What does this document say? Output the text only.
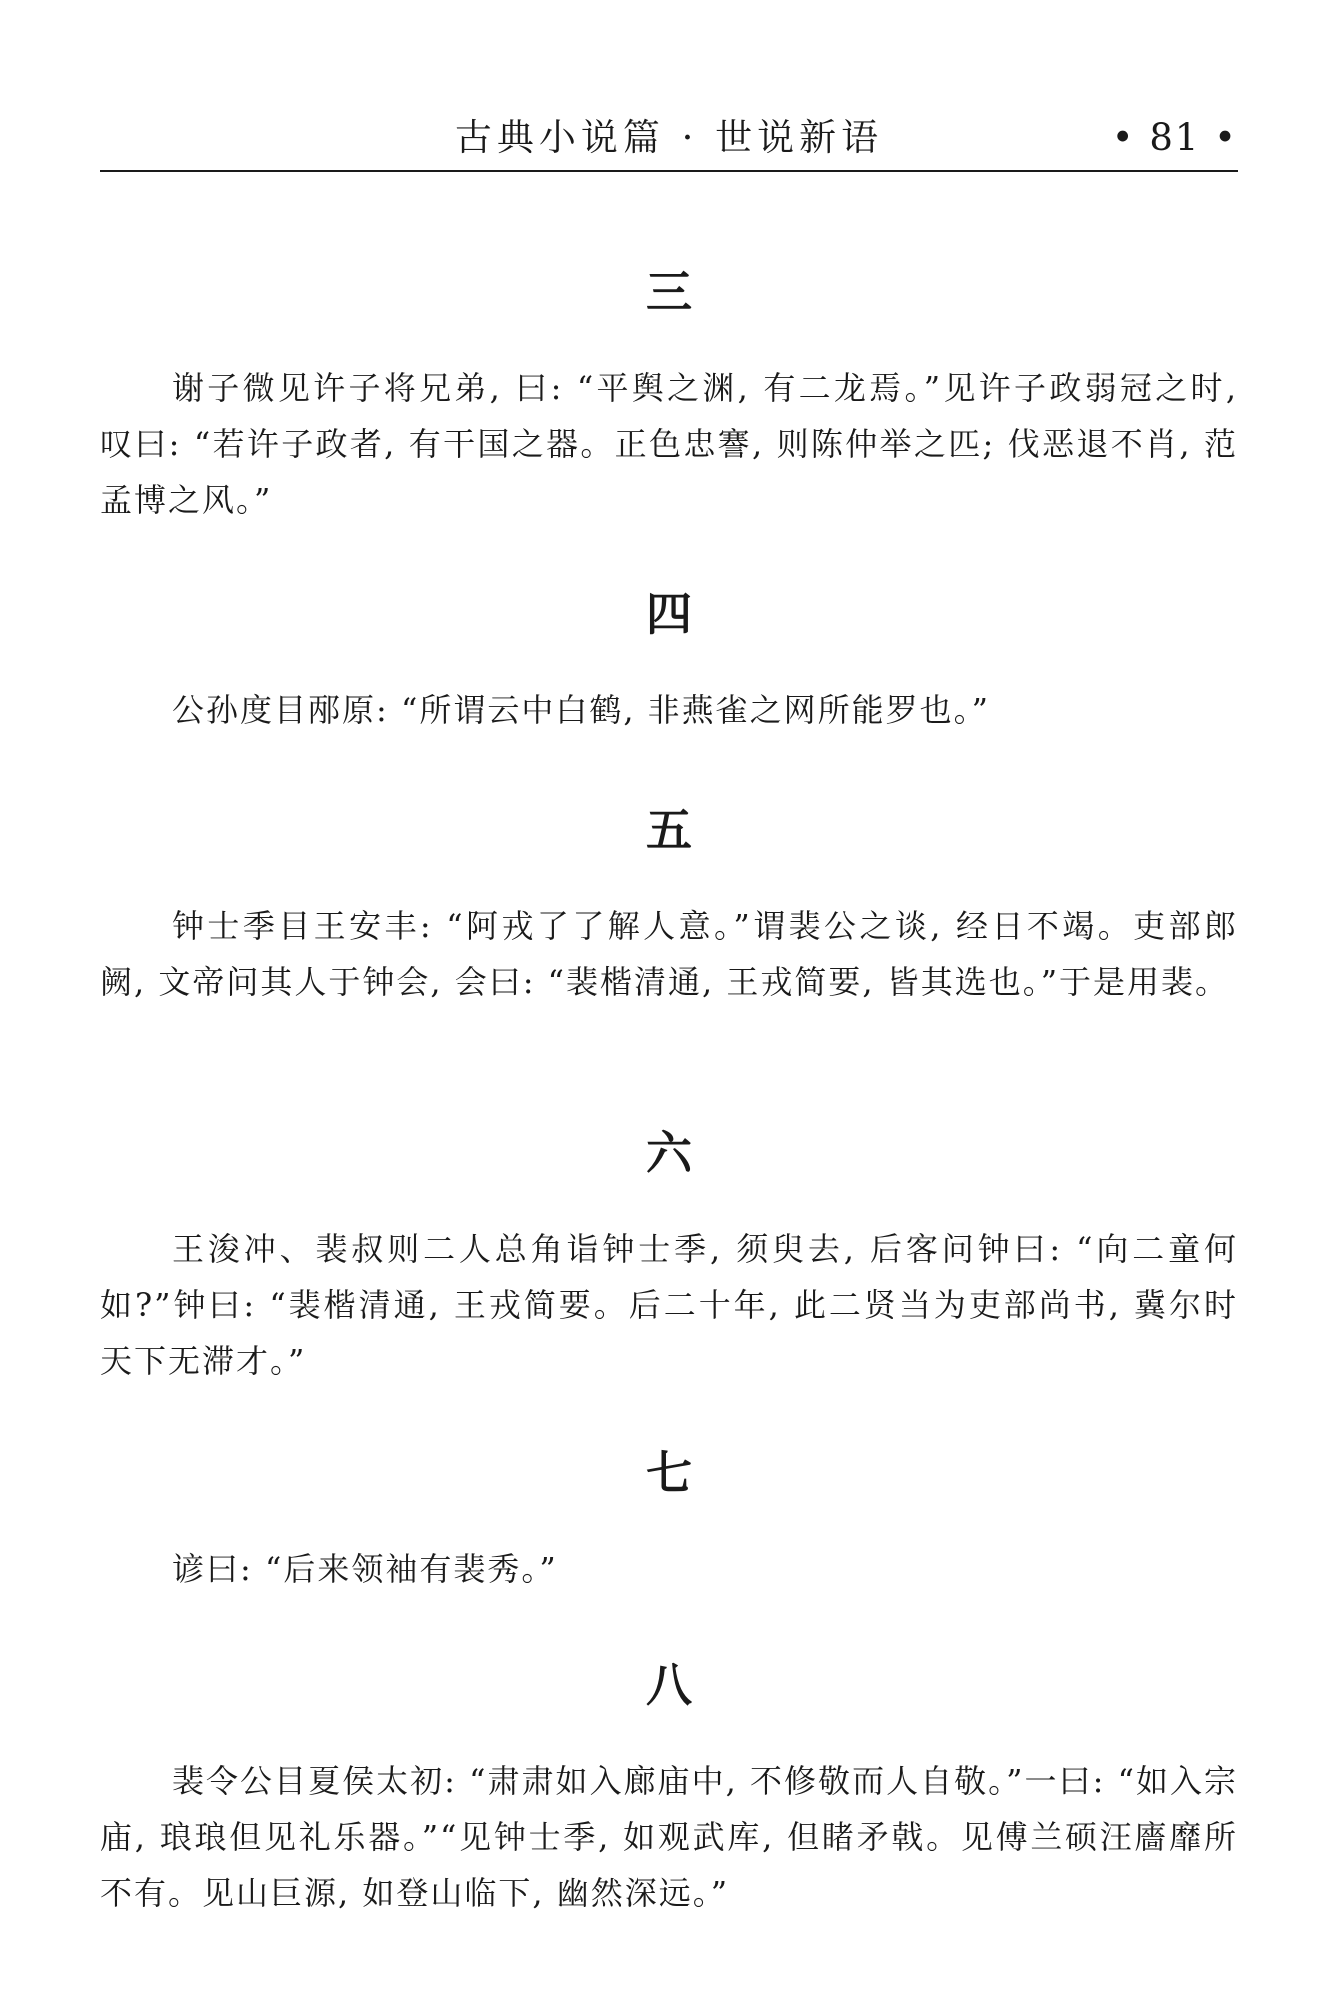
古典小说篇 · 世说新语	• 81 •
三

谢子微见许子将兄弟, 曰: “平舆之渊, 有二龙焉。”见许子政弱冠之时, 叹曰: “若许子政者, 有干国之器。正色忠謇, 则陈仲举之匹; 伐恶退不肖, 范孟博之风。”

四

公孙度目邴原: “所谓云中白鹤, 非燕雀之网所能罗也。”

五

钟士季目王安丰: “阿戎了了解人意。”谓裴公之谈, 经日不竭。吏部郎阙, 文帝问其人于钟会, 会曰: “裴楷清通, 王戎简要, 皆其选也。”于是用裴。

六

王浚冲、裴叔则二人总角诣钟士季, 须臾去, 后客问钟曰: “向二童何如?”钟曰: “裴楷清通, 王戎简要。后二十年, 此二贤当为吏部尚书, 冀尔时天下无滞才。”

七

谚曰: “后来领袖有裴秀。”

八

裴令公目夏侯太初: “肃肃如入廊庙中, 不修敬而人自敬。”一曰: “如入宗庙, 琅琅但见礼乐器。”“见钟士季, 如观武库, 但睹矛戟。见傅兰硕汪廧靡所不有。见山巨源, 如登山临下, 幽然深远。”
